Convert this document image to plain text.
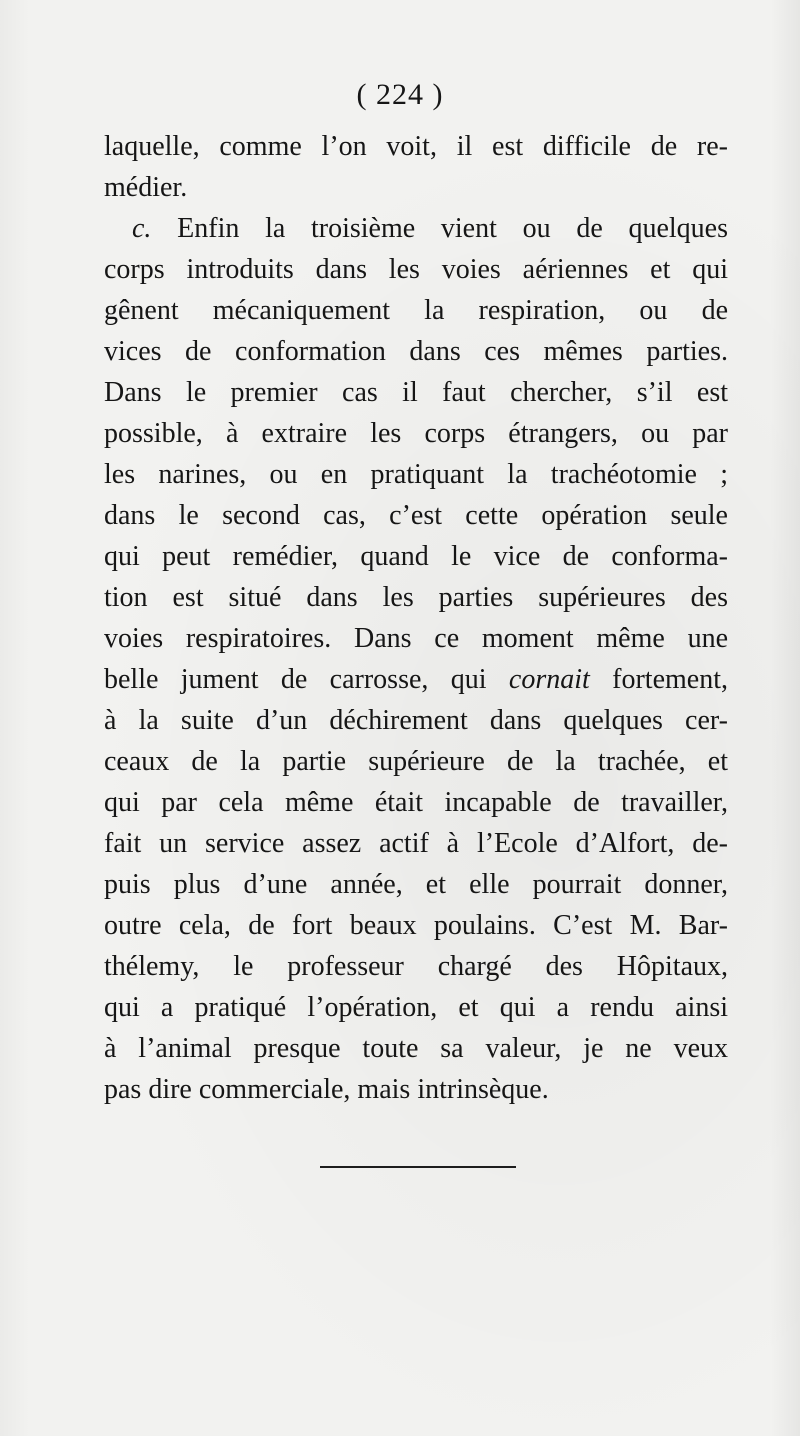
( 224 )
laquelle, comme l’on voit, il est difficile de re-
médier.
c. Enfin la troisième vient ou de quelques
corps introduits dans les voies aériennes et qui
gênent mécaniquement la respiration, ou de
vices de conformation dans ces mêmes parties.
Dans le premier cas il faut chercher, s’il est
possible, à extraire les corps étrangers, ou par
les narines, ou en pratiquant la trachéotomie ;
dans le second cas, c’est cette opération seule
qui peut remédier, quand le vice de conforma-
tion est situé dans les parties supérieures des
voies respiratoires. Dans ce moment même une
belle jument de carrosse, qui cornait fortement,
à la suite d’un déchirement dans quelques cer-
ceaux de la partie supérieure de la trachée, et
qui par cela même était incapable de travailler,
fait un service assez actif à l’Ecole d’Alfort, de-
puis plus d’une année, et elle pourrait donner,
outre cela, de fort beaux poulains. C’est M. Bar-
thélemy, le professeur chargé des Hôpitaux,
qui a pratiqué l’opération, et qui a rendu ainsi
à l’animal presque toute sa valeur, je ne veux
pas dire commerciale, mais intrinsèque.
